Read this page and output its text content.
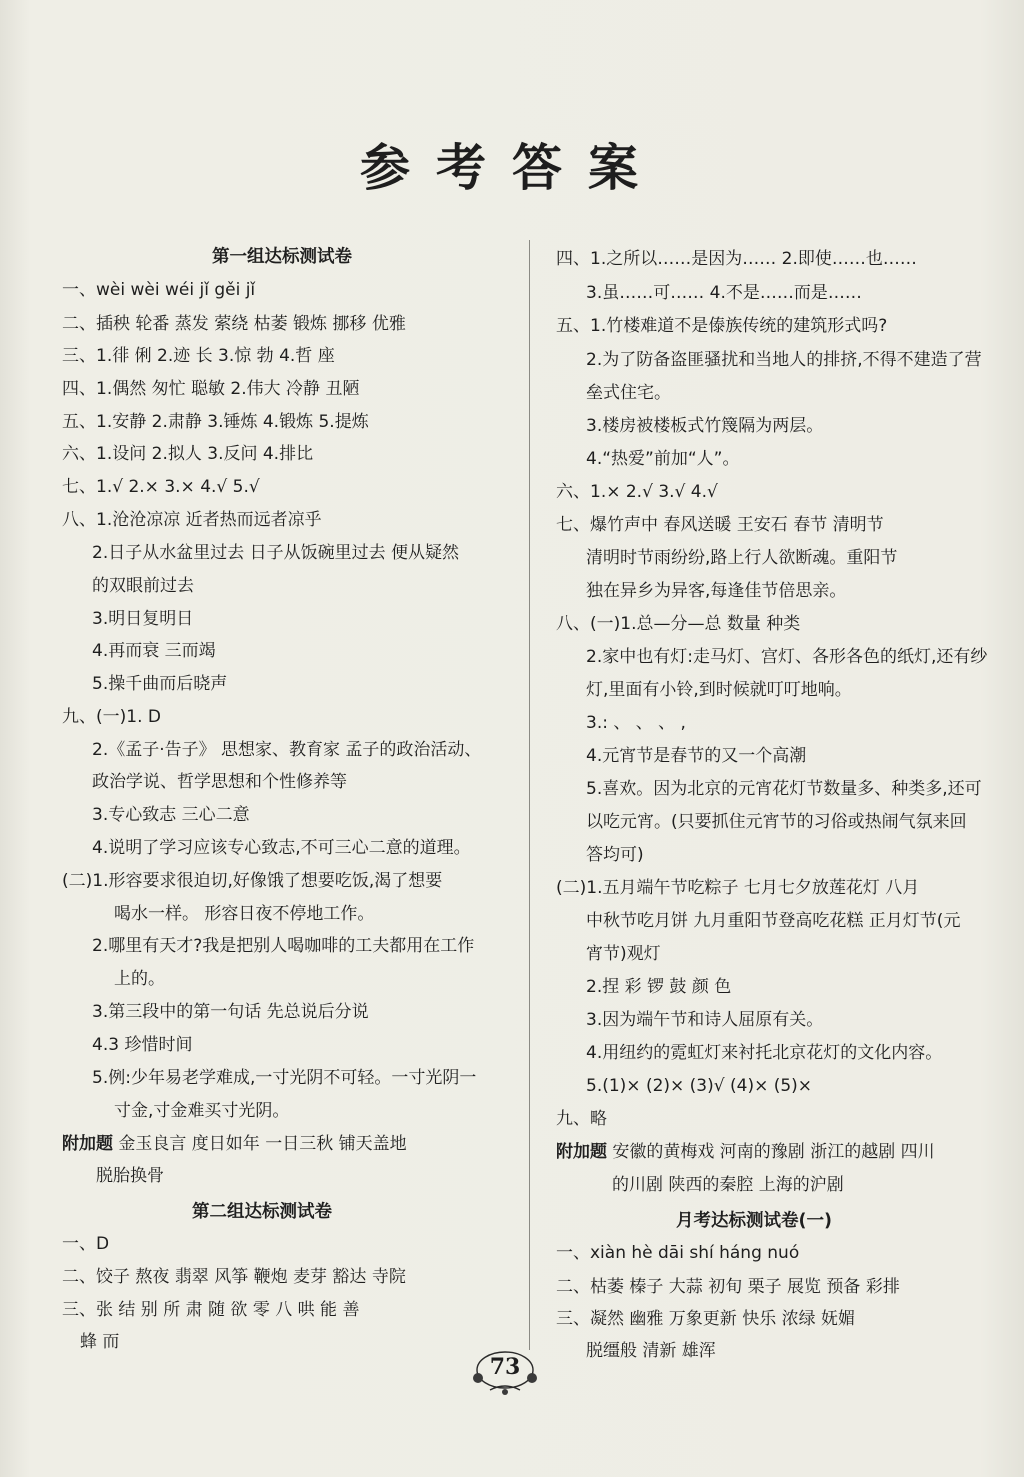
参考答案
第一组达标测试卷
一、wèi wèi wéi jǐ gěi jǐ
二、插秧 轮番 蒸发 萦绕 枯萎 锻炼 挪移 优雅
三、1.徘 俐 2.迹 长 3.惊 勃 4.哲 座
四、1.偶然 匆忙 聪敏 2.伟大 冷静 丑陋
五、1.安静 2.肃静 3.锤炼 4.锻炼 5.提炼
六、1.设问 2.拟人 3.反问 4.排比
七、1.√ 2.× 3.× 4.√ 5.√
八、1.沧沧凉凉 近者热而远者凉乎
2.日子从水盆里过去 日子从饭碗里过去 便从疑然
的双眼前过去
3.明日复明日
4.再而衰 三而竭
5.操千曲而后晓声
九、(一)1. D
2.《孟子·告子》 思想家、教育家 孟子的政治活动、
政治学说、哲学思想和个性修养等
3.专心致志 三心二意
4.说明了学习应该专心致志,不可三心二意的道理。
(二)1.形容要求很迫切,好像饿了想要吃饭,渴了想要
喝水一样。 形容日夜不停地工作。
2.哪里有天才?我是把别人喝咖啡的工夫都用在工作
上的。
3.第三段中的第一句话 先总说后分说
4.3 珍惜时间
5.例:少年易老学难成,一寸光阴不可轻。一寸光阴一
寸金,寸金难买寸光阴。
附加题 金玉良言 度日如年 一日三秋 铺天盖地
脱胎换骨
第二组达标测试卷
一、D
二、饺子 熬夜 翡翠 风筝 鞭炮 麦芽 豁达 寺院
三、张 结 别 所 肃 随 欲 零 八 哄 能 善
蜂 而
四、1.之所以……是因为…… 2.即使……也……
3.虽……可…… 4.不是……而是……
五、1.竹楼难道不是傣族传统的建筑形式吗?
2.为了防备盗匪骚扰和当地人的排挤,不得不建造了营
垒式住宅。
3.楼房被楼板式竹篾隔为两层。
4.“热爱”前加“人”。
六、1.× 2.√ 3.√ 4.√
七、爆竹声中 春风送暖 王安石 春节 清明节
清明时节雨纷纷,路上行人欲断魂。重阳节
独在异乡为异客,每逢佳节倍思亲。
八、(一)1.总—分—总 数量 种类
2.家中也有灯:走马灯、宫灯、各形各色的纸灯,还有纱
灯,里面有小铃,到时候就叮叮地响。
3.: 、 、 、 ,
4.元宵节是春节的又一个高潮
5.喜欢。因为北京的元宵花灯节数量多、种类多,还可
以吃元宵。(只要抓住元宵节的习俗或热闹气氛来回
答均可)
(二)1.五月端午节吃粽子 七月七夕放莲花灯 八月
中秋节吃月饼 九月重阳节登高吃花糕 正月灯节(元
宵节)观灯
2.捏 彩 锣 鼓 颜 色
3.因为端午节和诗人屈原有关。
4.用纽约的霓虹灯来衬托北京花灯的文化内容。
5.(1)× (2)× (3)√ (4)× (5)×
九、略
附加题 安徽的黄梅戏 河南的豫剧 浙江的越剧 四川
的川剧 陕西的秦腔 上海的沪剧
月考达标测试卷(一)
一、xiàn hè dāi shí háng nuó
二、枯萎 榛子 大蒜 初旬 栗子 展览 预备 彩排
三、凝然 幽雅 万象更新 快乐 浓绿 妩媚
脱缰般 清新 雄浑
73
